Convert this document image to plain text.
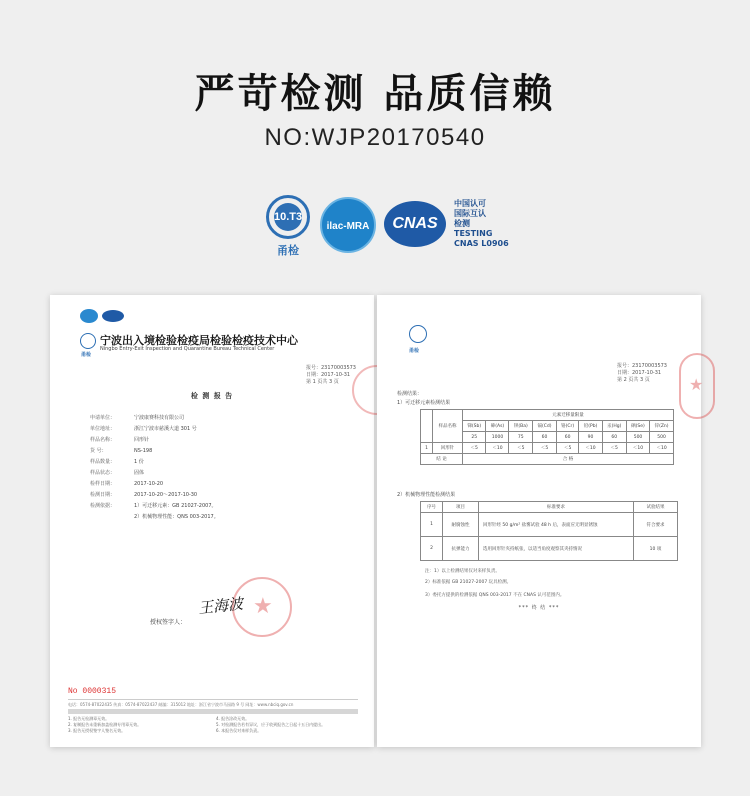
严苛检测 品质信赖
NO:WJP20170540
10.T3
甬检
ilac-MRA	CNAS
中国认可
国际互认
检测
TESTING
CNAS L0906
宁波出入境检验检疫局检验检疫技术中心
Ningbo Entry-Exit Inspection and Quarantine Bureau Technical Center
甬检
报号：23170003573
日期：2017-10-31
第 1 页共 3 页
检 测 报 告
申请单位：	宁波康赛科技有限公司
单位地址：	浙江宁波市慈溪大道 301 号
样品名称：	回形针
货 号：	NS-198
样品数量：	1 份
样品状态：	固体
检样日期：	2017-10-20
检测日期：	2017-10-20～2017-10-30
检测依据：	1）可迁移元素：GB 21027-2007。
2）机械物理性能：QNS 003-2017。
★
王海波
授权签字人：
No 0000315
电话：0574-87022435 传真：0574-87022437 邮编：315012 地址：浙江省宁波市马园路 9 号 网址：www.nbciq.gov.cn
1. 报告无检测章无效。
2. 复制报告未重新加盖检测专用章无效。
3. 报告无授权签字人签名无效。
4. 报告涂改无效。
5. 对检测报告若有异议，应于收到报告之日起十五日内提出。
6. 本报告仅对来样负责。
甬检
报号：23170003573
日期：2017-10-31
第 2 页共 3 页	★
检测结果：
1）可迁移元素检测结果
	样品名称	元素迁移量限量								
		锑(Sb)	砷(As)	钡(Ba)	镉(Cd)	铬(Cr)	铅(Pb)	汞(Hg)	硒(Se)	锌(Zn)
		25	1000	75	60	60	90	60	500	500
1	回形针	＜5	＜10	＜5	＜5	＜5	＜10	＜5	＜10	＜10
结 论		合 格								
2）机械物理性能检测结果
序号	项目	标准要求	试验结果
1	耐腐蚀性	回形针经 50 g/m² 盐雾试验 48 h 后，表面应无明显锈蚀	符合要求
2	抗弹能力	选用回形针夹持纸张，以适当角度观察其夹持情况	10 项
注：1）以上检测结果仅对来样负责。
2）标准依据 GB 21027-2007 玩具检测。
3）委托方提供的检测依据 QNS 003-2017 不在 CNAS 认可范围内。
*** 终 结 ***
